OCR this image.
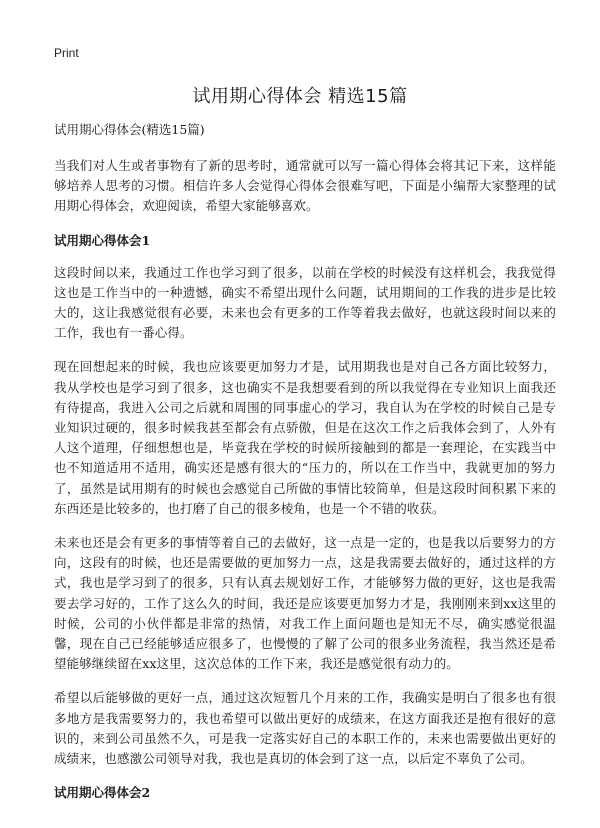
Print
试用期心得体会 精选15篇
试用期心得体会(精选15篇)

当我们对人生或者事物有了新的思考时，通常就可以写一篇心得体会将其记下来，这样能够培养人思考的习惯。相信许多人会觉得心得体会很难写吧，下面是小编帮大家整理的试用期心得体会，欢迎阅读，希望大家能够喜欢。

试用期心得体会1

这段时间以来，我通过工作也学习到了很多，以前在学校的时候没有这样机会，我我觉得这也是工作当中的一种遗憾，确实不希望出现什么问题，试用期间的工作我的进步是比较大的，这让我感觉很有必要，未来也会有更多的工作等着我去做好，也就这段时间以来的工作，我也有一番心得。

现在回想起来的时候，我也应该要更加努力才是，试用期我也是对自己各方面比较努力，我从学校也是学习到了很多，这也确实不是我想要看到的所以我觉得在专业知识上面我还有待提高，我进入公司之后就和周围的同事虚心的学习，我自认为在学校的时候自己是专业知识过硬的，很多时候我甚至都会有点骄傲，但是在这次工作之后我体会到了，人外有人这个道理，仔细想想也是，毕竟我在学校的时候所接触到的都是一套理论，在实践当中也不知道适用不适用，确实还是感有很大的“压力的，所以在工作当中，我就更加的努力了，虽然是试用期有的时候也会感觉自己所做的事情比较简单，但是这段时间积累下来的东西还是比较多的，也打磨了自己的很多棱角，也是一个不错的收获。

未来也还是会有更多的事情等着自己的去做好，这一点是一定的，也是我以后要努力的方向，这段有的时候，也还是需要做的更加努力一点，这是我需要去做好的，通过这样的方式，我也是学习到了的很多，只有认真去规划好工作，才能够努力做的更好，这也是我需要去学习好的，工作了这么久的时间，我还是应该要更加努力才是，我刚刚来到xx这里的时候，公司的小伙伴都是非常的热情，对我工作上面问题也是知无不尽，确实感觉很温馨，现在自己已经能够适应很多了，也慢慢的了解了公司的很多业务流程，我当然还是希望能够继续留在xx这里，这次总体的工作下来，我还是感觉很有动力的。

希望以后能够做的更好一点，通过这次短暂几个月来的工作，我确实是明白了很多也有很多地方是我需要努力的，我也希望可以做出更好的成绩来，在这方面我还是抱有很好的意识的，来到公司虽然不久，可是我一定落实好自己的本职工作的，未来也需要做出更好的成绩来，也感激公司领导对我，我也是真切的体会到了这一点，以后定不辜负了公司。

试用期心得体会2
